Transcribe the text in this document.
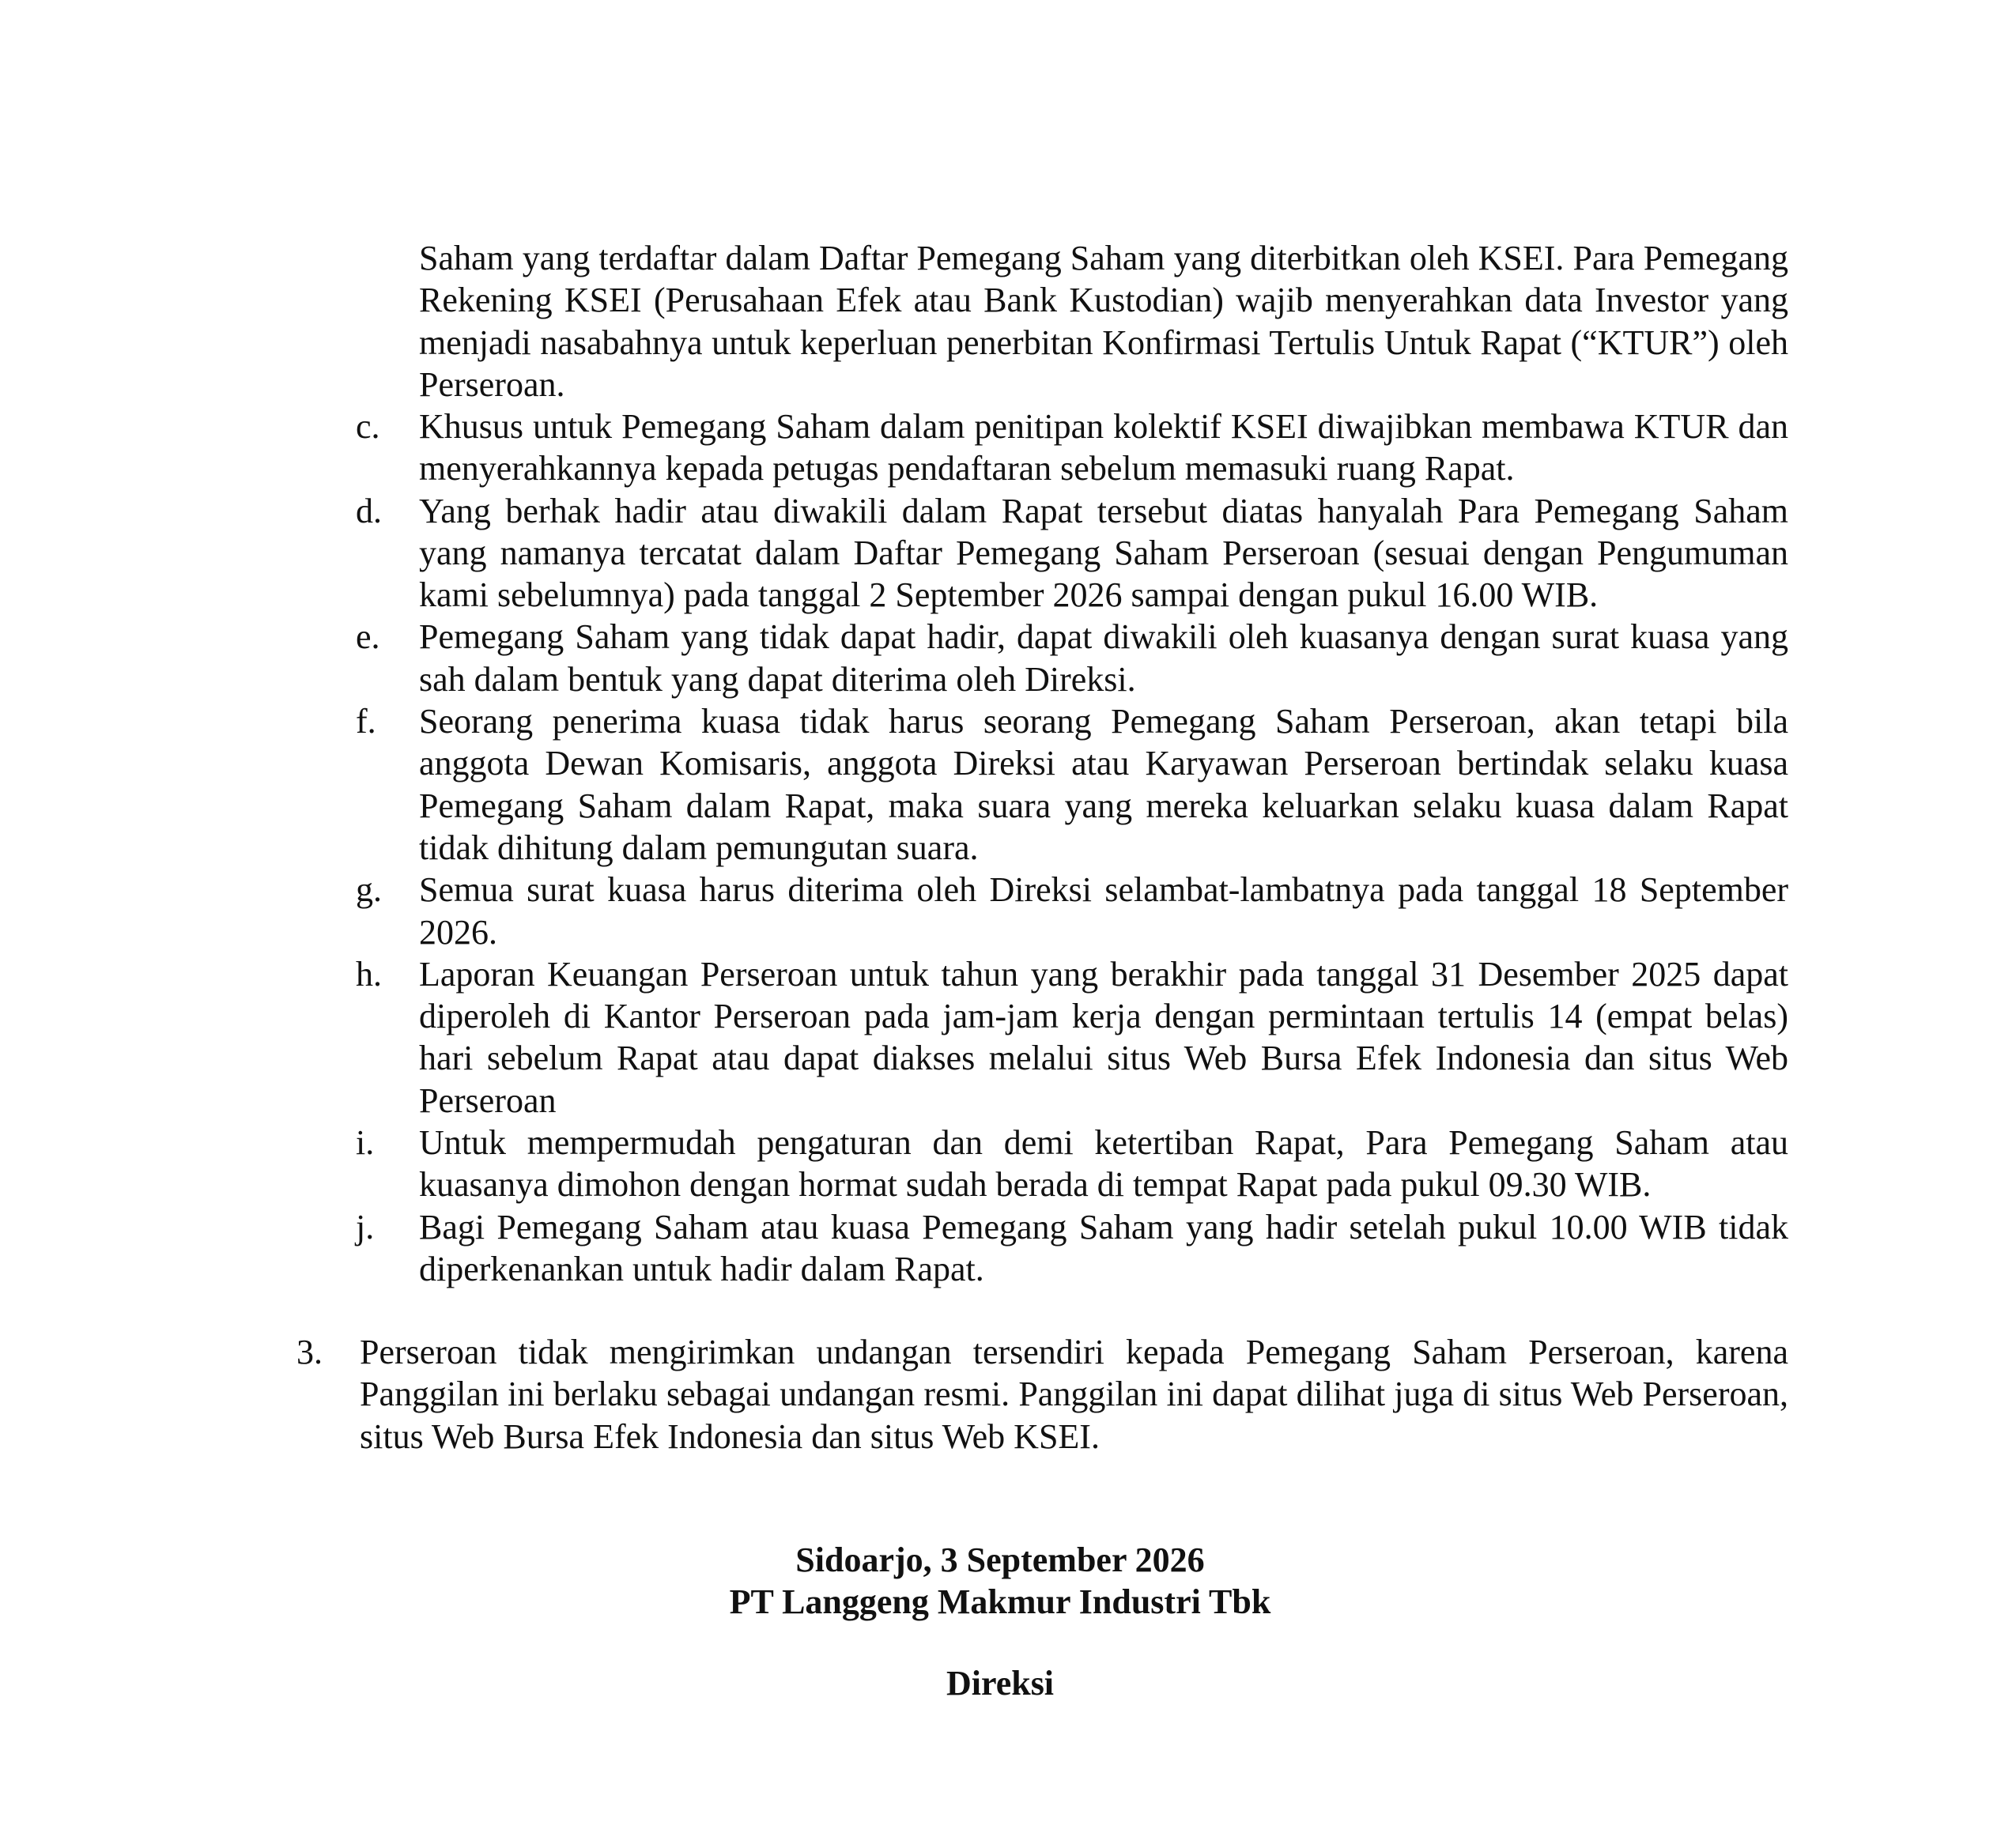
Saham yang terdaftar dalam Daftar Pemegang Saham yang diterbitkan oleh KSEI. Para Pemegang Rekening KSEI (Perusahaan Efek atau Bank Kustodian) wajib menyerahkan data Investor yang menjadi nasabahnya untuk keperluan penerbitan Konfirmasi Tertulis Untuk Rapat (“KTUR”) oleh Perseroan.
c.	Khusus untuk Pemegang Saham dalam penitipan kolektif KSEI diwajibkan membawa KTUR dan menyerahkannya kepada petugas pendaftaran sebelum memasuki ruang Rapat.
d.	Yang berhak hadir atau diwakili dalam Rapat tersebut diatas hanyalah Para Pemegang Saham yang namanya tercatat dalam Daftar Pemegang Saham Perseroan (sesuai dengan Pengumuman kami sebelumnya) pada tanggal 2 September 2026 sampai dengan pukul 16.00 WIB.
e.	Pemegang Saham yang tidak dapat hadir, dapat diwakili oleh kuasanya dengan surat kuasa yang sah dalam bentuk yang dapat diterima oleh Direksi.
f.	Seorang penerima kuasa tidak harus seorang Pemegang Saham Perseroan, akan tetapi bila anggota Dewan Komisaris, anggota Direksi atau Karyawan Perseroan bertindak selaku kuasa Pemegang Saham dalam Rapat, maka suara yang mereka keluarkan selaku kuasa dalam Rapat tidak dihitung dalam pemungutan suara.
g.	Semua surat kuasa harus diterima oleh Direksi selambat-lambatnya pada tanggal 18 September 2026.
h.	Laporan Keuangan Perseroan untuk tahun yang berakhir pada tanggal 31 Desember 2025 dapat diperoleh di Kantor Perseroan pada jam-jam kerja dengan permintaan tertulis 14 (empat belas) hari sebelum Rapat atau dapat diakses melalui situs Web Bursa Efek Indonesia dan situs Web Perseroan
i.	Untuk mempermudah pengaturan dan demi ketertiban Rapat, Para Pemegang Saham atau kuasanya dimohon dengan hormat sudah berada di tempat Rapat pada pukul 09.30 WIB.
j.	Bagi Pemegang Saham atau kuasa Pemegang Saham yang hadir setelah pukul 10.00 WIB tidak diperkenankan untuk hadir dalam Rapat.
3.	Perseroan tidak mengirimkan undangan tersendiri kepada Pemegang Saham Perseroan, karena Panggilan ini berlaku sebagai undangan resmi. Panggilan ini dapat dilihat juga di situs Web Perseroan, situs Web Bursa Efek Indonesia dan situs Web KSEI.
Sidoarjo, 3 September 2026
PT Langgeng Makmur Industri Tbk
Direksi
